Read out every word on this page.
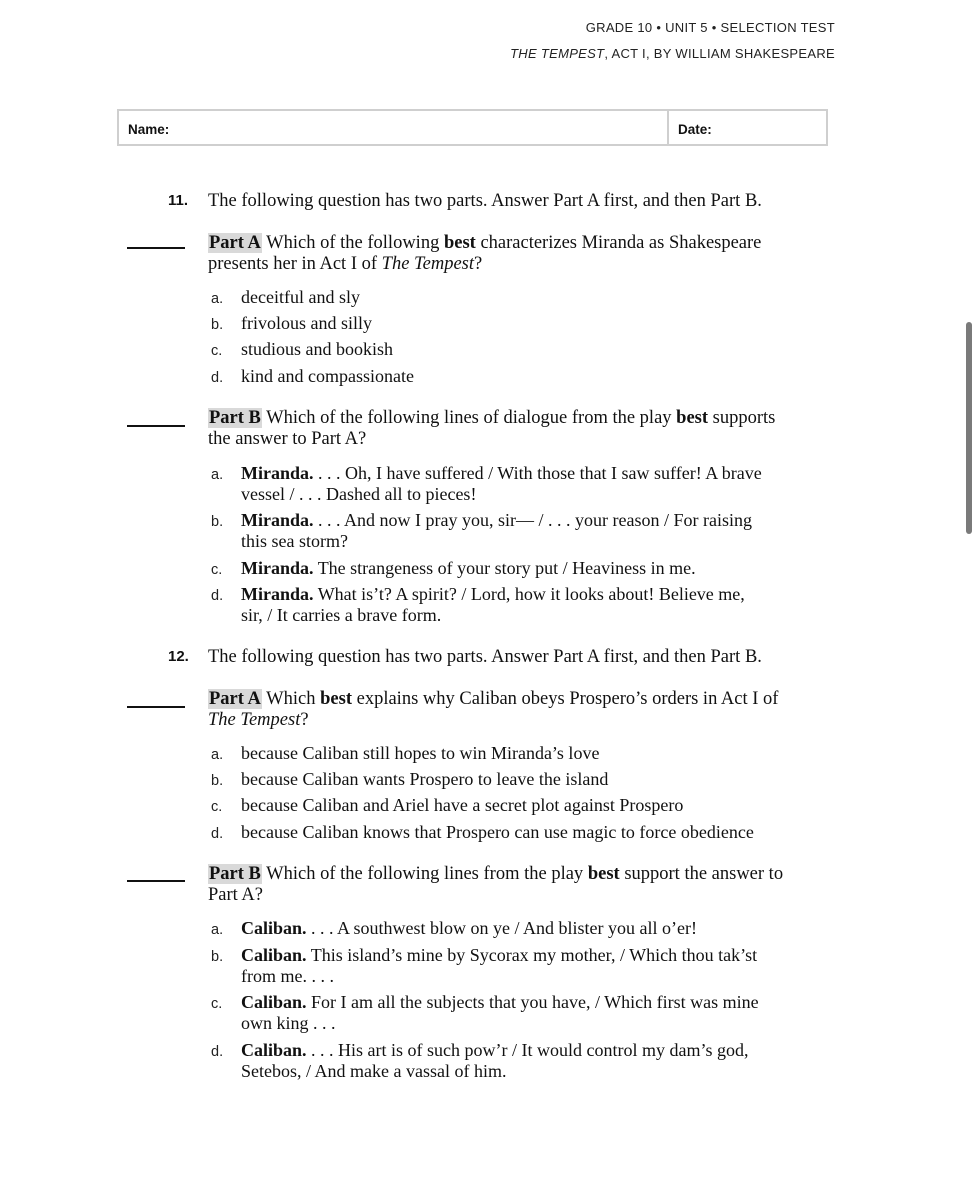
GRADE 10 • UNIT 5 • SELECTION TEST
THE TEMPEST, ACT I, BY WILLIAM SHAKESPEARE
Name:	Date:
11. The following question has two parts. Answer Part A first, and then Part B.
Part A Which of the following best characterizes Miranda as Shakespeare
presents her in Act I of The Tempest?
a. deceitful and sly
b. frivolous and silly
c. studious and bookish
d. kind and compassionate
Part B Which of the following lines of dialogue from the play best supports
the answer to Part A?
a. Miranda. . . . Oh, I have suffered / With those that I saw suffer! A brave
vessel / . . . Dashed all to pieces!
b. Miranda. . . . And now I pray you, sir— / . . . your reason / For raising
this sea storm?
c. Miranda. The strangeness of your story put / Heaviness in me.
d. Miranda. What is’t? A spirit? / Lord, how it looks about! Believe me,
sir, / It carries a brave form.
12. The following question has two parts. Answer Part A first, and then Part B.
Part A Which best explains why Caliban obeys Prospero’s orders in Act I of
The Tempest?
a. because Caliban still hopes to win Miranda’s love
b. because Caliban wants Prospero to leave the island
c. because Caliban and Ariel have a secret plot against Prospero
d. because Caliban knows that Prospero can use magic to force obedience
Part B Which of the following lines from the play best support the answer to
Part A?
a. Caliban. . . . A southwest blow on ye / And blister you all o’er!
b. Caliban. This island’s mine by Sycorax my mother, / Which thou tak’st
from me. . . .
c. Caliban. For I am all the subjects that you have, / Which first was mine
own king . . .
d. Caliban. . . . His art is of such pow’r / It would control my dam’s god,
Setebos, / And make a vassal of him.
